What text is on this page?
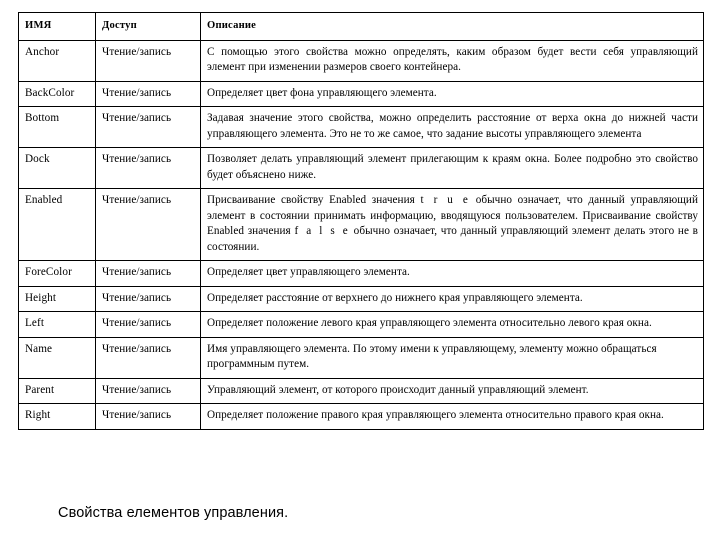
ИМЯ	Доступ	Описание
Anchor	Чтение/запись	С помощью этого свойства можно определять, каким образом будет вести себя управляющий элемент при изменении размеров своего контейнера.
BackColor	Чтение/запись	Определяет цвет фона управляющего элемента.
Bottom	Чтение/запись	Задавая значение этого свойства, можно определить расстояние от верха окна до нижней части управляющего элемента. Это не то же самое, что задание высоты управляющего элемента
Dock	Чтение/запись	Позволяет делать управляющий элемент прилегающим к краям окна. Более подробно это свойство будет объяснено ниже.
Enabled	Чтение/запись	Присваивание свойству Enabled значения t r u e обычно означает, что данный управляющий элемент в состоянии принимать информацию, вводящуюся пользователем. Присваивание свойству Enabled значения f a l s e обычно означает, что данный управляющий элемент делать этого не в состоянии.
ForeColor	Чтение/запись	Определяет цвет управляющего элемента.
Height	Чтение/запись	Определяет расстояние от верхнего до нижнего края управляющего элемента.
Left	Чтение/запись	Определяет положение левого края управляющего элемента относительно левого края окна.
Name	Чтение/запись	Имя управляющего элемента. По этому имени к управляющему, элементу можно обращаться программным путем.
Parent	Чтение/запись	Управляющий элемент, от которого происходит данный управляющий элемент.
Right	Чтение/запись	Определяет положение правого края управляющего элемента относительно правого края окна.
Свойства елементов управления.
